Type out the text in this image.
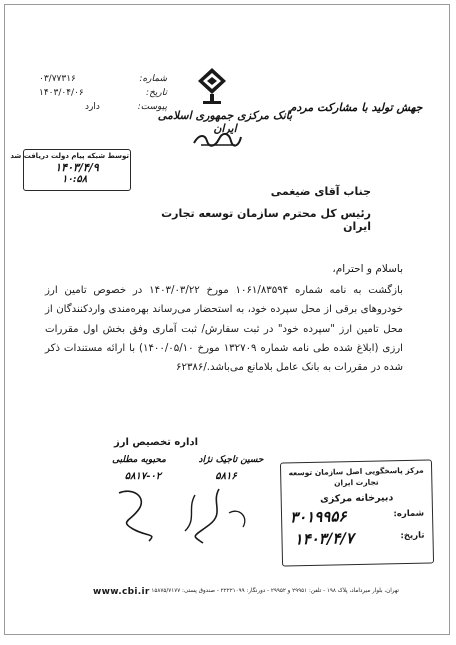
۰۳/۷۷۳۱۶	شماره:
۱۴۰۳/۰۴/۰۶	تاریخ:
دارد	پیوست:
بانک مرکزی جمهوری اسلامی ایران
جهش تولید با مشارکت مردم
توسط شبکه پیام دولت دریافت شد
۱۴۰۳/۴/۹
۱۰:۵۸
جناب آقای ضیغمی
رئیس کل محترم سازمان توسعه تجارت ایران
باسلام و احترام،
بازگشت به نامه شماره ۱۰۶۱/۸۳۵۹۴ مورخ ۱۴۰۳/۰۳/۲۲ در خصوص تامین ارز خودروهای برقی از محل سپرده خود، به استحضار می‌رساند بهره‌مندی واردکنندگان از محل تامین ارز "سپرده خود" در ثبت سفارش/ ثبت آماری وفق بخش اول مقررات ارزی (ابلاغ شده طی نامه شماره ۱۳۲۷۰۹ مورخ ۱۴۰۰/۰۵/۱۰) با ارائه مستندات ذکر شده در مقررات به بانک عامل بلامانع می‌باشد./۶۲۳۸۶
اداره تخصیص ارز
حسین تاجیک نژاد
محبوبه مطلبی
۵۸۱۶
۵۸۱۷-۰۲	مرکز پاسخگویی اصل سازمان توسعه تجارت ایران
دبیرخانه مرکزی
شماره:
۳۰۱۹۹۵۶
تاریخ:
۱۴۰۳/۴/۷
www.cbi.ir تهران، بلوار میرداماد، پلاک ۱۹۸ - تلفن: ۲۹۹۵۱ و ۲۹۹۵۲ - دورنگار: ۲۲۲۲۱۰۹۹ - صندوق پستی: ۱۵۸۷۵/۷۱۷۷
